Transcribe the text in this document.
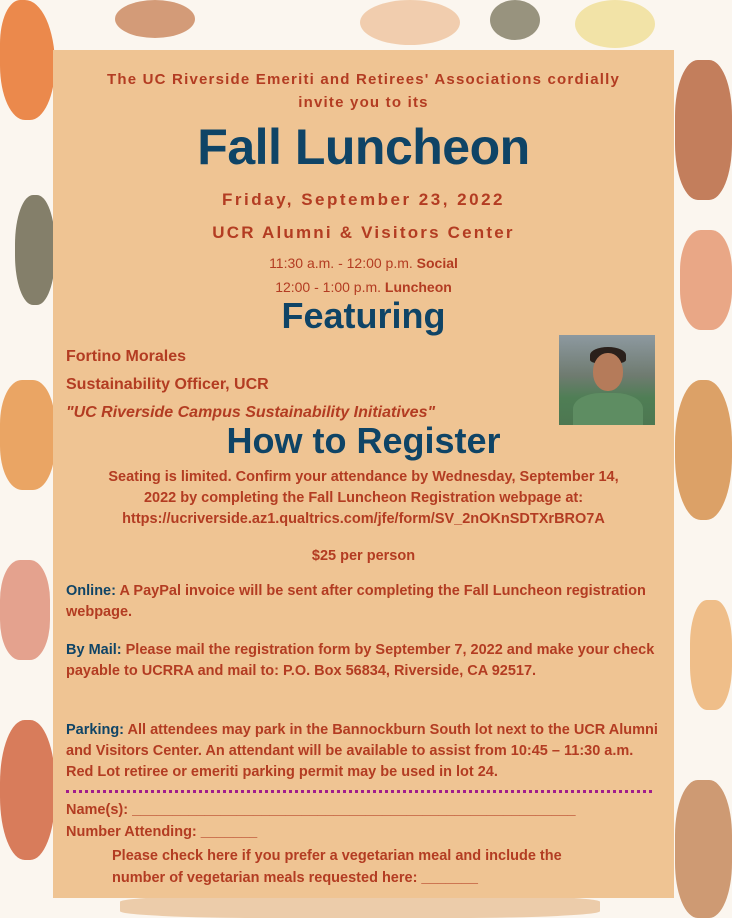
The UC Riverside Emeriti and Retirees' Associations cordially
invite you to its
Fall Luncheon
Friday, September 23, 2022
UCR Alumni & Visitors Center
11:30 a.m. - 12:00 p.m. Social
12:00 - 1:00 p.m. Luncheon
Featuring
Fortino Morales
Sustainability Officer, UCR
"UC Riverside Campus Sustainability Initiatives"
How to Register
Seating is limited. Confirm your attendance by Wednesday, September 14,
2022 by completing the Fall Luncheon Registration webpage at:
https://ucriverside.az1.qualtrics.com/jfe/form/SV_2nOKnSDTXrBRO7A
$25 per person
Online: A PayPal invoice will be sent after completing the Fall Luncheon registration webpage.
By Mail: Please mail the registration form by September 7, 2022 and make your check payable to UCRRA and mail to: P.O. Box 56834, Riverside, CA 92517.
Parking: All attendees may park in the Bannockburn South lot next to the UCR Alumni and Visitors Center. An attendant will be available to assist from 10:45 – 11:30 a.m. Red Lot retiree or emeriti parking permit may be used in lot 24.
Name(s): _______________________________________________________
Number Attending: _______
Please check here if you prefer a vegetarian meal and include the
number of vegetarian meals requested here: _______
